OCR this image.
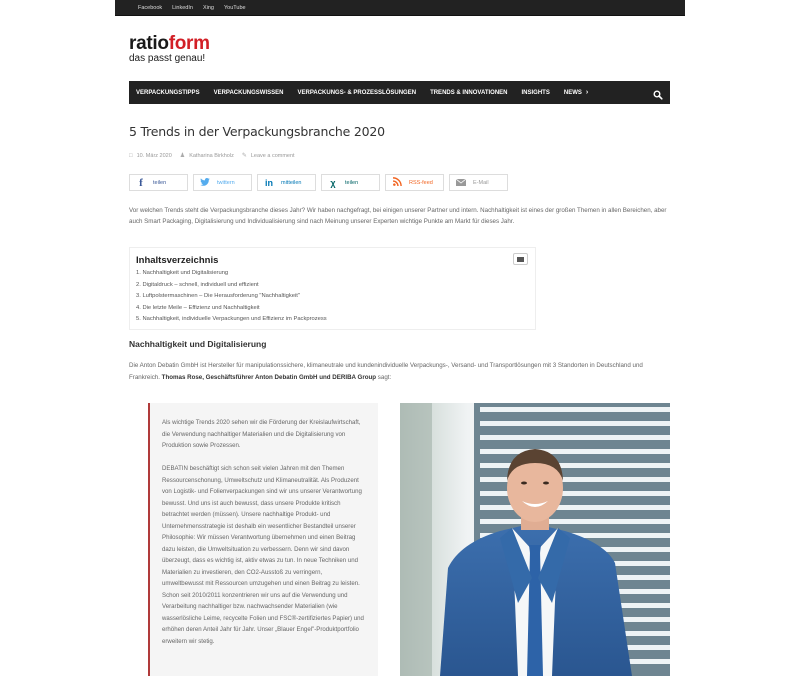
Facebook	LinkedIn	Xing	YouTube
ratioform
das passt genau!
VERPACKUNGSTIPPS VERPACKUNGSWISSEN VERPACKUNGS- & PROZESSLÖSUNGEN TRENDS & INNOVATIONEN INSIGHTS NEWS ›
5 Trends in der Verpackungsbranche 2020
□ 10. März 2020 ♟ Katharina Birkholz ✎ Leave a comment
f	teilen	twittern	in mitteilen	χ	teilen	RSS-feed	E-Mail

Vor welchen Trends steht die Verpackungsbranche dieses Jahr? Wir haben nachgefragt, bei einigen unserer Partner und intern. Nachhaltigkeit ist eines der großen Themen in allen Bereichen, aber auch Smart Packaging, Digitalisierung und Individualisierung sind nach Meinung unserer Experten wichtige Punkte am Markt für dieses Jahr.

Inhaltsverzeichnis
1. Nachhaltigkeit und Digitalisierung
2. Digitaldruck – schnell, individuell und effizient
3. Luftpolstermaschinen – Die Herausforderung "Nachhaltigkeit"
4. Die letzte Meile – Effizienz und Nachhaltigkeit
5. Nachhaltigkeit, individuelle Verpackungen und Effizienz im Packprozess
Nachhaltigkeit und Digitalisierung

Die Anton Debatin GmbH ist Hersteller für manipulationssichere, klimaneutrale und kundenindividuelle Verpackungs-, Versand- und Transportlösungen mit 3 Standorten in Deutschland und Frankreich. Thomas Rose, Geschäftsführer Anton Debatin GmbH und DERIBA Group sagt:

Als wichtige Trends 2020 sehen wir die Förderung der Kreislaufwirtschaft, die Verwendung nachhaltiger Materialien und die Digitalisierung von Produktion sowie Prozessen.

DEBATIN beschäftigt sich schon seit vielen Jahren mit den Themen Ressourcenschonung, Umweltschutz und Klimaneutralität. Als Produzent von Logistik- und Folienverpackungen sind wir uns unserer Verantwortung bewusst. Und uns ist auch bewusst, dass unsere Produkte kritisch betrachtet werden (müssen). Unsere nachhaltige Produkt- und Unternehmensstrategie ist deshalb ein wesentlicher Bestandteil unserer Philosophie: Wir müssen Verantwortung übernehmen und einen Beitrag dazu leisten, die Umweltsituation zu verbessern. Denn wir sind davon überzeugt, dass es wichtig ist, aktiv etwas zu tun. In neue Techniken und Materialien zu investieren, den CO2-Ausstoß zu verringern, umweltbewusst mit Ressourcen umzugehen und einen Beitrag zu leisten. Schon seit 2010/2011 konzentrieren wir uns auf die Verwendung und Verarbeitung nachhaltiger bzw. nachwachsender Materialien (wie wasserlösliche Leime, recycelte Folien und FSC®-zertifiziertes Papier) und erhöhen deren Anteil Jahr für Jahr. Unser „Blauer Engel"-Produktportfolio erweitern wir stetig.
